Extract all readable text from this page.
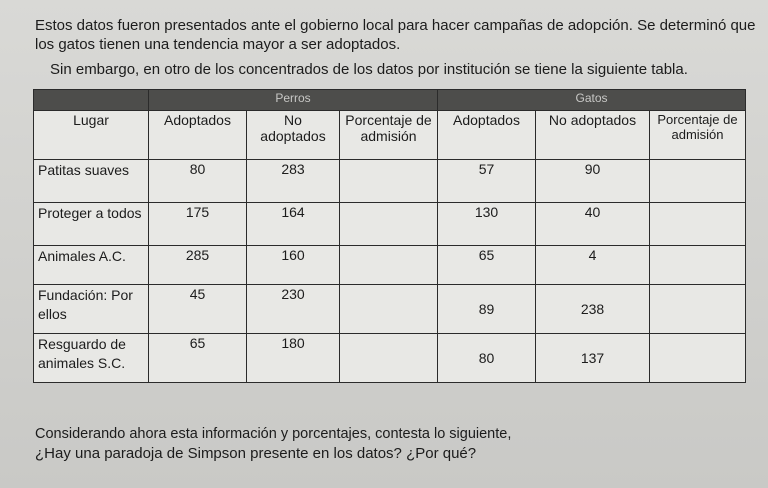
Estos datos fueron presentados ante el gobierno local para hacer campañas de adopción. Se determinó que
los gatos tienen una tendencia mayor a ser adoptados.
Sin embargo, en otro de los concentrados de los datos por institución se tiene la siguiente tabla.
	Perros			Gatos		
Lugar	Adoptados	No adoptados	Porcentaje de admisión	Adoptados	No adoptados	Porcentaje de admisión
Patitas suaves	80	283		57	90	
Proteger a todos	175	164		130	40	
Animales A.C.	285	160		65	4	
Fundación: Por ellos	45	230		89	238	
Resguardo de animales S.C.	65	180		80	137	
Considerando ahora esta información y porcentajes, contesta lo siguiente,
¿Hay una paradoja de Simpson presente en los datos? ¿Por qué?
